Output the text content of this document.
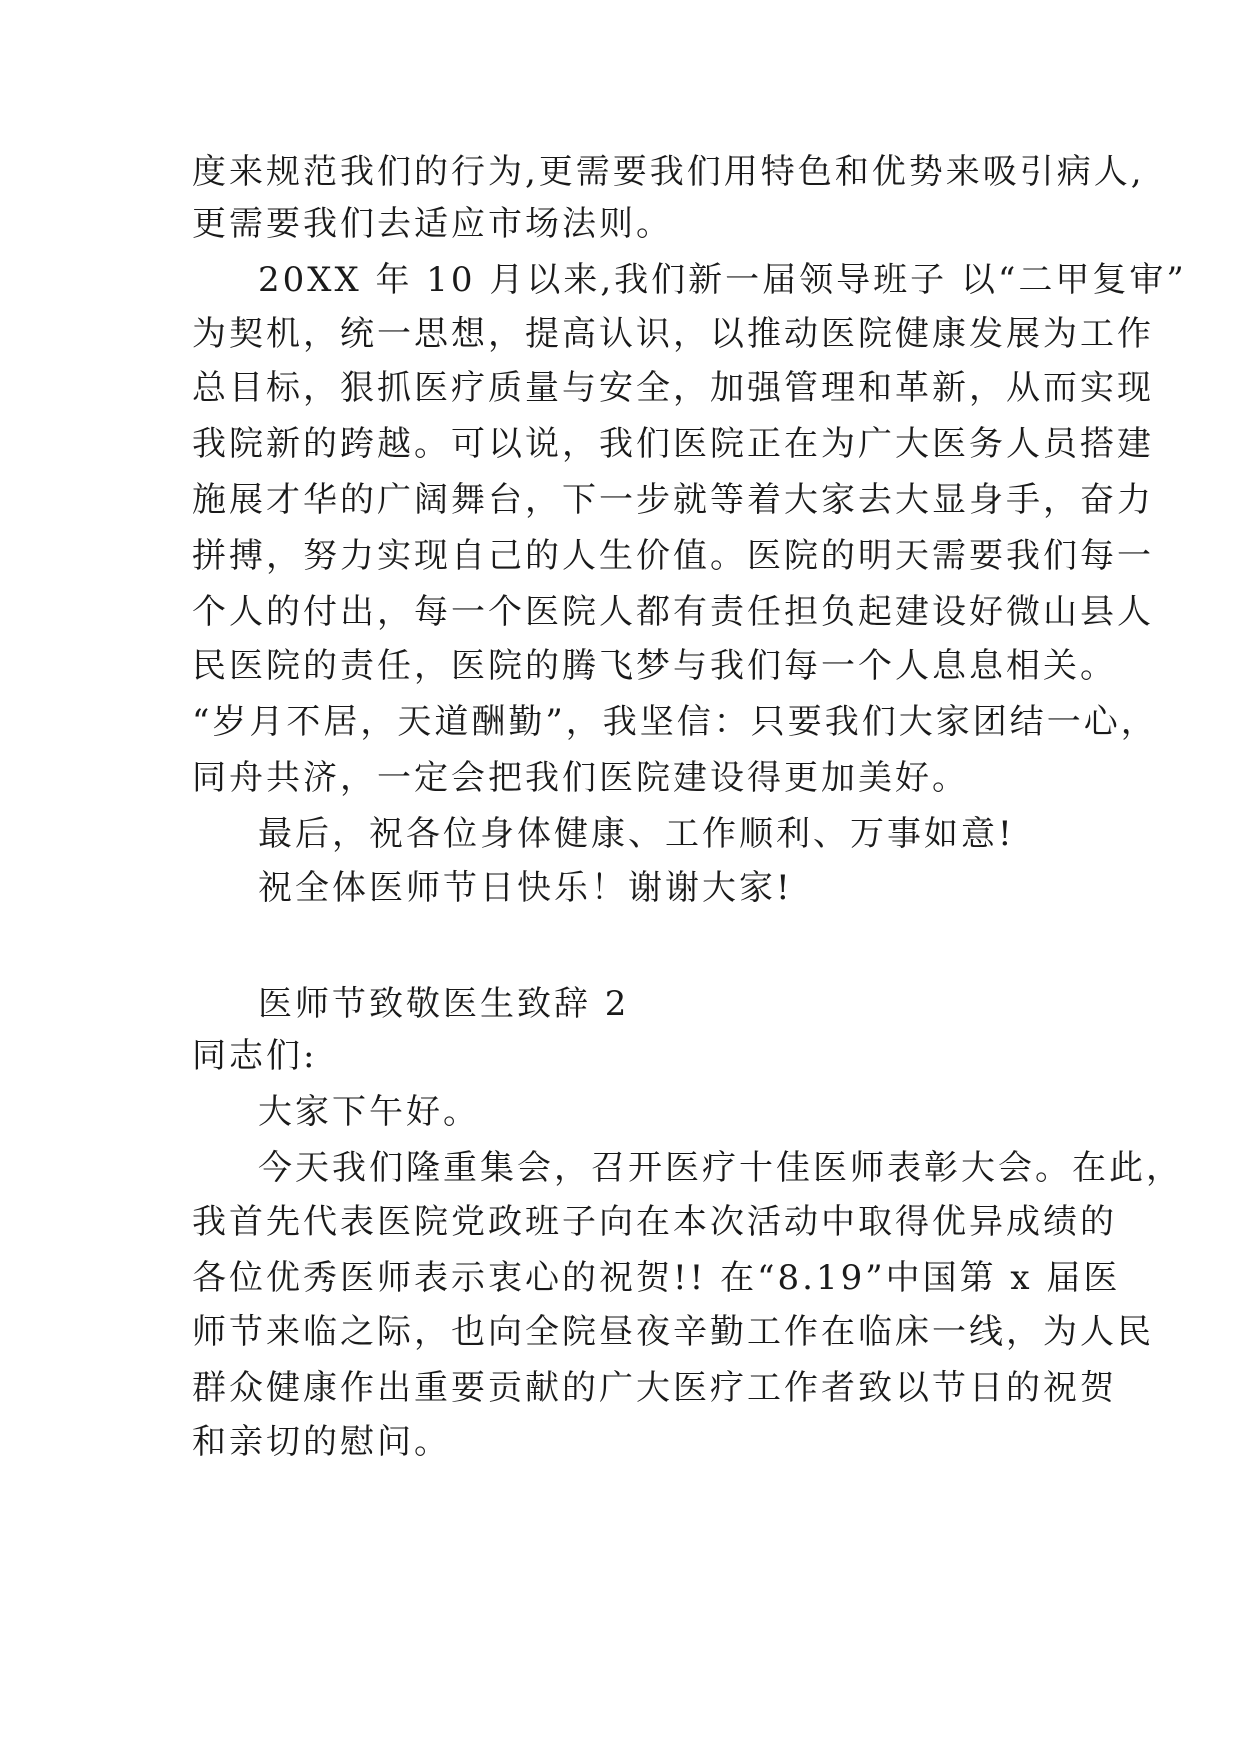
度来规范我们的行为,更需要我们用特色和优势来吸引病人,
更需要我们去适应市场法则。
20XX 年 10 月以来,我们新一届领导班子 以“二甲复审”
为契机，统一思想，提高认识，以推动医院健康发展为工作
总目标，狠抓医疗质量与安全，加强管理和革新，从而实现
我院新的跨越。可以说，我们医院正在为广大医务人员搭建
施展才华的广阔舞台，下一步就等着大家去大显身手，奋力
拼搏，努力实现自己的人生价值。医院的明天需要我们每一
个人的付出，每一个医院人都有责任担负起建设好微山县人
民医院的责任，医院的腾飞梦与我们每一个人息息相关。
“岁月不居，天道酬勤”，我坚信：只要我们大家团结一心，
同舟共济，一定会把我们医院建设得更加美好。
最后，祝各位身体健康、工作顺利、万事如意!
祝全体医师节日快乐！谢谢大家!
医师节致敬医生致辞 2
同志们:
大家下午好。
今天我们隆重集会，召开医疗十佳医师表彰大会。在此，
我首先代表医院党政班子向在本次活动中取得优异成绩的
各位优秀医师表示衷心的祝贺!! 在“8.19”中国第 x 届医
师节来临之际，也向全院昼夜辛勤工作在临床一线，为人民
群众健康作出重要贡献的广大医疗工作者致以节日的祝贺
和亲切的慰问。
